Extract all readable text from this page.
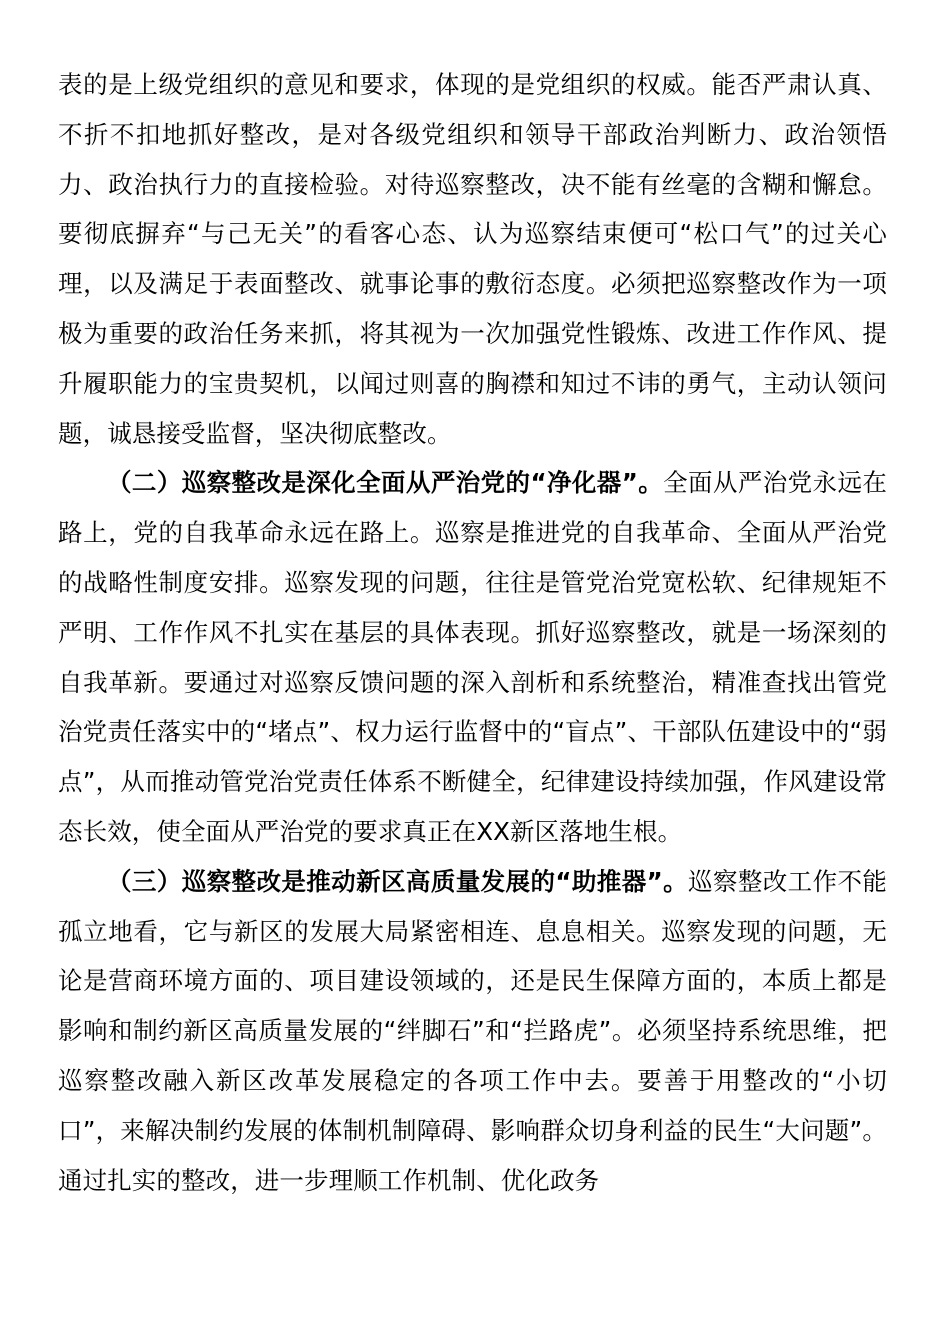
表的是上级党组织的意见和要求，体现的是党组织的权威。能否严肃认真、不折不扣地抓好整改，是对各级党组织和领导干部政治判断力、政治领悟力、政治执行力的直接检验。对待巡察整改，决不能有丝毫的含糊和懈怠。要彻底摒弃“与己无关”的看客心态、认为巡察结束便可“松口气”的过关心理，以及满足于表面整改、就事论事的敷衍态度。必须把巡察整改作为一项极为重要的政治任务来抓，将其视为一次加强党性锻炼、改进工作作风、提升履职能力的宝贵契机，以闻过则喜的胸襟和知过不讳的勇气，主动认领问题，诚恳接受监督，坚决彻底整改。

（二）巡察整改是深化全面从严治党的“净化器”。全面从严治党永远在路上，党的自我革命永远在路上。巡察是推进党的自我革命、全面从严治党的战略性制度安排。巡察发现的问题，往往是管党治党宽松软、纪律规矩不严明、工作作风不扎实在基层的具体表现。抓好巡察整改，就是一场深刻的自我革新。要通过对巡察反馈问题的深入剖析和系统整治，精准查找出管党治党责任落实中的“堵点”、权力运行监督中的“盲点”、干部队伍建设中的“弱点”，从而推动管党治党责任体系不断健全，纪律建设持续加强，作风建设常态长效，使全面从严治党的要求真正在XX新区落地生根。

（三）巡察整改是推动新区高质量发展的“助推器”。巡察整改工作不能孤立地看，它与新区的发展大局紧密相连、息息相关。巡察发现的问题，无论是营商环境方面的、项目建设领域的，还是民生保障方面的，本质上都是影响和制约新区高质量发展的“绊脚石”和“拦路虎”。必须坚持系统思维，把巡察整改融入新区改革发展稳定的各项工作中去。要善于用整改的“小切口”，来解决制约发展的体制机制障碍、影响群众切身利益的民生“大问题”。通过扎实的整改，进一步理顺工作机制、优化政务
